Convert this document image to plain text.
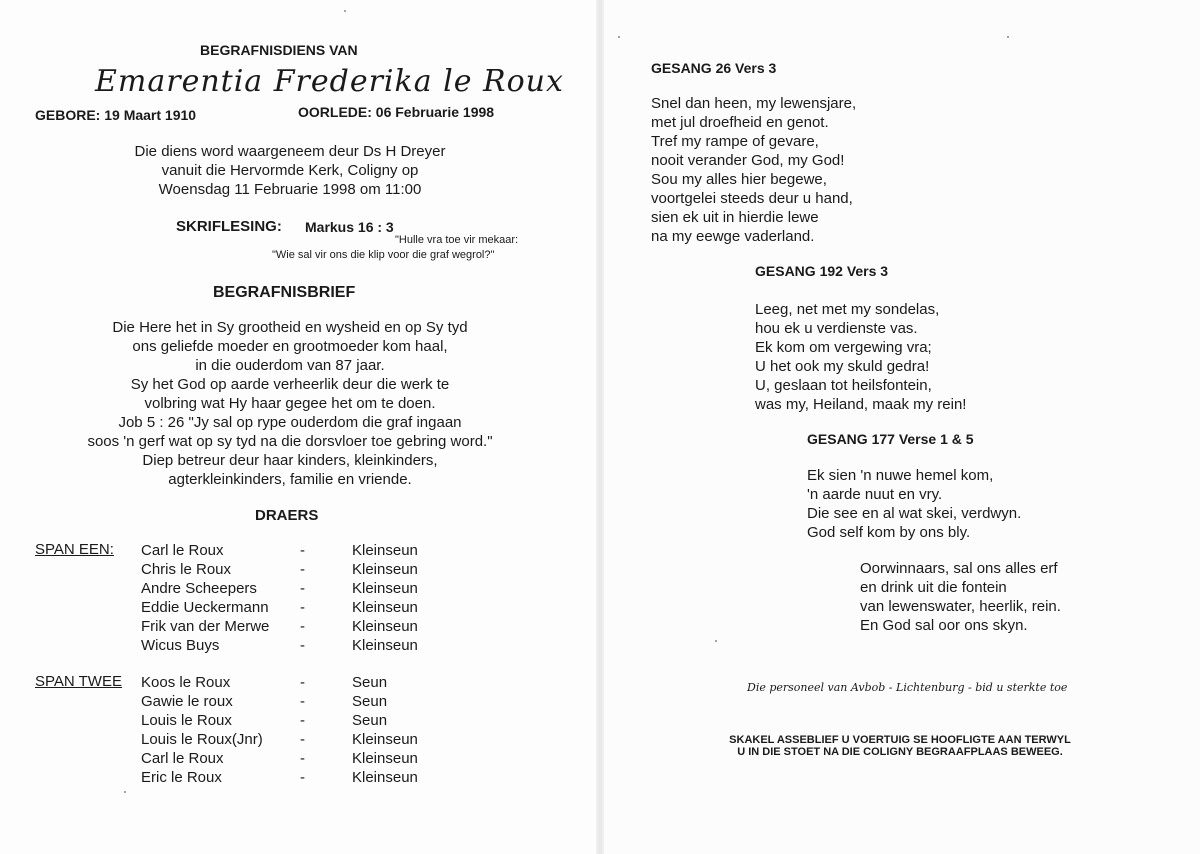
BEGRAFNISDIENS VAN
Emarentia Frederika le Roux
GEBORE: 19 Maart 1910	OORLEDE: 06 Februarie 1998
Die diens word waargeneem deur Ds H Dreyer
vanuit die Hervormde Kerk, Coligny op
Woensdag 11 Februarie 1998 om 11:00
SKRIFLESING: Markus 16 : 3
"Hulle vra toe vir mekaar:
"Wie sal vir ons die klip voor die graf wegrol?"
BEGRAFNISBRIEF
Die Here het in Sy grootheid en wysheid en op Sy tyd
ons geliefde moeder en grootmoeder kom haal,
in die ouderdom van 87 jaar.
Sy het God op aarde verheerlik deur die werk te
volbring wat Hy haar gegee het om te doen.
Job 5 : 26 "Jy sal op rype ouderdom die graf ingaan
soos 'n gerf wat op sy tyd na die dorsvloer toe gebring word."
Diep betreur deur haar kinders, kleinkinders,
agterkleinkinders, familie en vriende.
DRAERS
SPAN EEN: Carl le Roux
Chris le Roux
Andre Scheepers
Eddie Ueckermann
Frik van der Merwe
Wicus Buys
-
-
-
-
-
-
Kleinseun
Kleinseun
Kleinseun
Kleinseun
Kleinseun
Kleinseun
SPAN TWEE Koos le Roux
Gawie le roux
Louis le Roux
Louis le Roux(Jnr)
Carl le Roux
Eric le Roux
-
-
-
-
-
-
Seun
Seun
Seun
Kleinseun
Kleinseun
Kleinseun
GESANG 26 Vers 3
Snel dan heen, my lewensjare,
met jul droefheid en genot.
Tref my rampe of gevare,
nooit verander God, my God!
Sou my alles hier begewe,
voortgelei steeds deur u hand,
sien ek uit in hierdie lewe
na my eewge vaderland.
GESANG 192 Vers 3
Leeg, net met my sondelas,
hou ek u verdienste vas.
Ek kom om vergewing vra;
U het ook my skuld gedra!
U, geslaan tot heilsfontein,
was my, Heiland, maak my rein!
GESANG 177 Verse 1 & 5
Ek sien 'n nuwe hemel kom,
'n aarde nuut en vry.
Die see en al wat skei, verdwyn.
God self kom by ons bly.
Oorwinnaars, sal ons alles erf
en drink uit die fontein
van lewenswater, heerlik, rein.
En God sal oor ons skyn.
Die personeel van Avbob - Lichtenburg - bid u sterkte toe
SKAKEL ASSEBLIEF U VOERTUIG SE HOOFLIGTE AAN TERWYL
U IN DIE STOET NA DIE COLIGNY BEGRAAFPLAAS BEWEEG.
